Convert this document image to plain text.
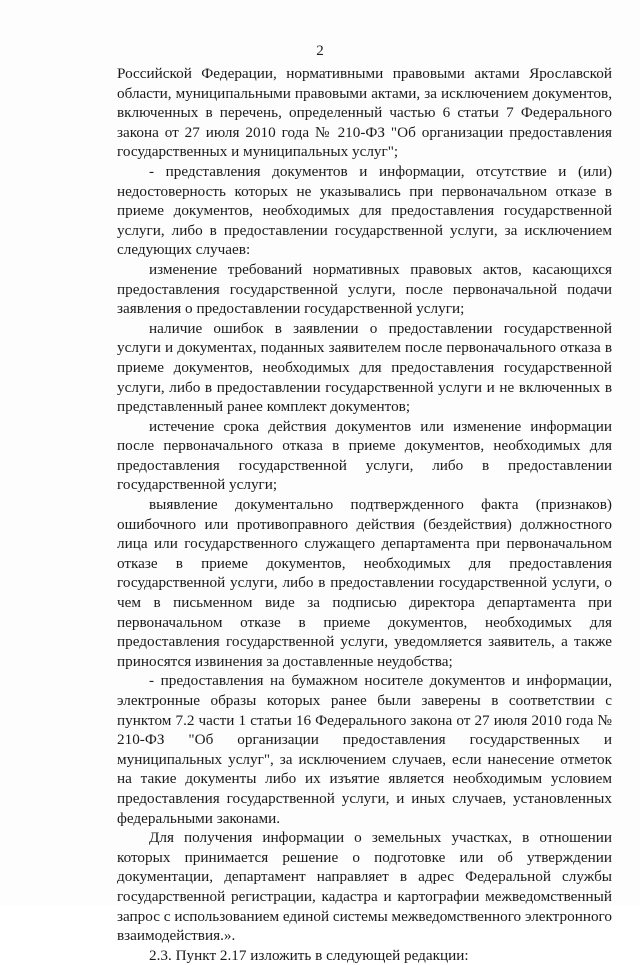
2

Российской Федерации, нормативными правовыми актами Ярославской области, муниципальными правовыми актами, за исключением документов, включенных в перечень, определенный частью 6 статьи 7 Федерального закона от 27 июля 2010 года № 210-ФЗ "Об организации предоставления государственных и муниципальных услуг";

- представления документов и информации, отсутствие и (или) недостоверность которых не указывались при первоначальном отказе в приеме документов, необходимых для предоставления государственной услуги, либо в предоставлении государственной услуги, за исключением следующих случаев:

изменение требований нормативных правовых актов, касающихся предоставления государственной услуги, после первоначальной подачи заявления о предоставлении государственной услуги;

наличие ошибок в заявлении о предоставлении государственной услуги и документах, поданных заявителем после первоначального отказа в приеме документов, необходимых для предоставления государственной услуги, либо в предоставлении государственной услуги и не включенных в представленный ранее комплект документов;

истечение срока действия документов или изменение информации после первоначального отказа в приеме документов, необходимых для предоставления государственной услуги, либо в предоставлении государственной услуги;

выявление документально подтвержденного факта (признаков) ошибочного или противоправного действия (бездействия) должностного лица или государственного служащего департамента при первоначальном отказе в приеме документов, необходимых для предоставления государственной услуги, либо в предоставлении государственной услуги, о чем в письменном виде за подписью директора департамента при первоначальном отказе в приеме документов, необходимых для предоставления государственной услуги, уведомляется заявитель, а также приносятся извинения за доставленные неудобства;

- предоставления на бумажном носителе документов и информации, электронные образы которых ранее были заверены в соответствии с пунктом 7.2 части 1 статьи 16 Федерального закона от 27 июля 2010 года № 210-ФЗ "Об организации предоставления государственных и муниципальных услуг", за исключением случаев, если нанесение отметок на такие документы либо их изъятие является необходимым условием предоставления государственной услуги, и иных случаев, установленных федеральными законами.

Для получения информации о земельных участках, в отношении которых принимается решение о подготовке или об утверждении документации, департамент направляет в адрес Федеральной службы государственной регистрации, кадастра и картографии межведомственный запрос с использованием единой системы межведомственного электронного взаимодействия.».

2.3. Пункт 2.17 изложить в следующей редакции:
